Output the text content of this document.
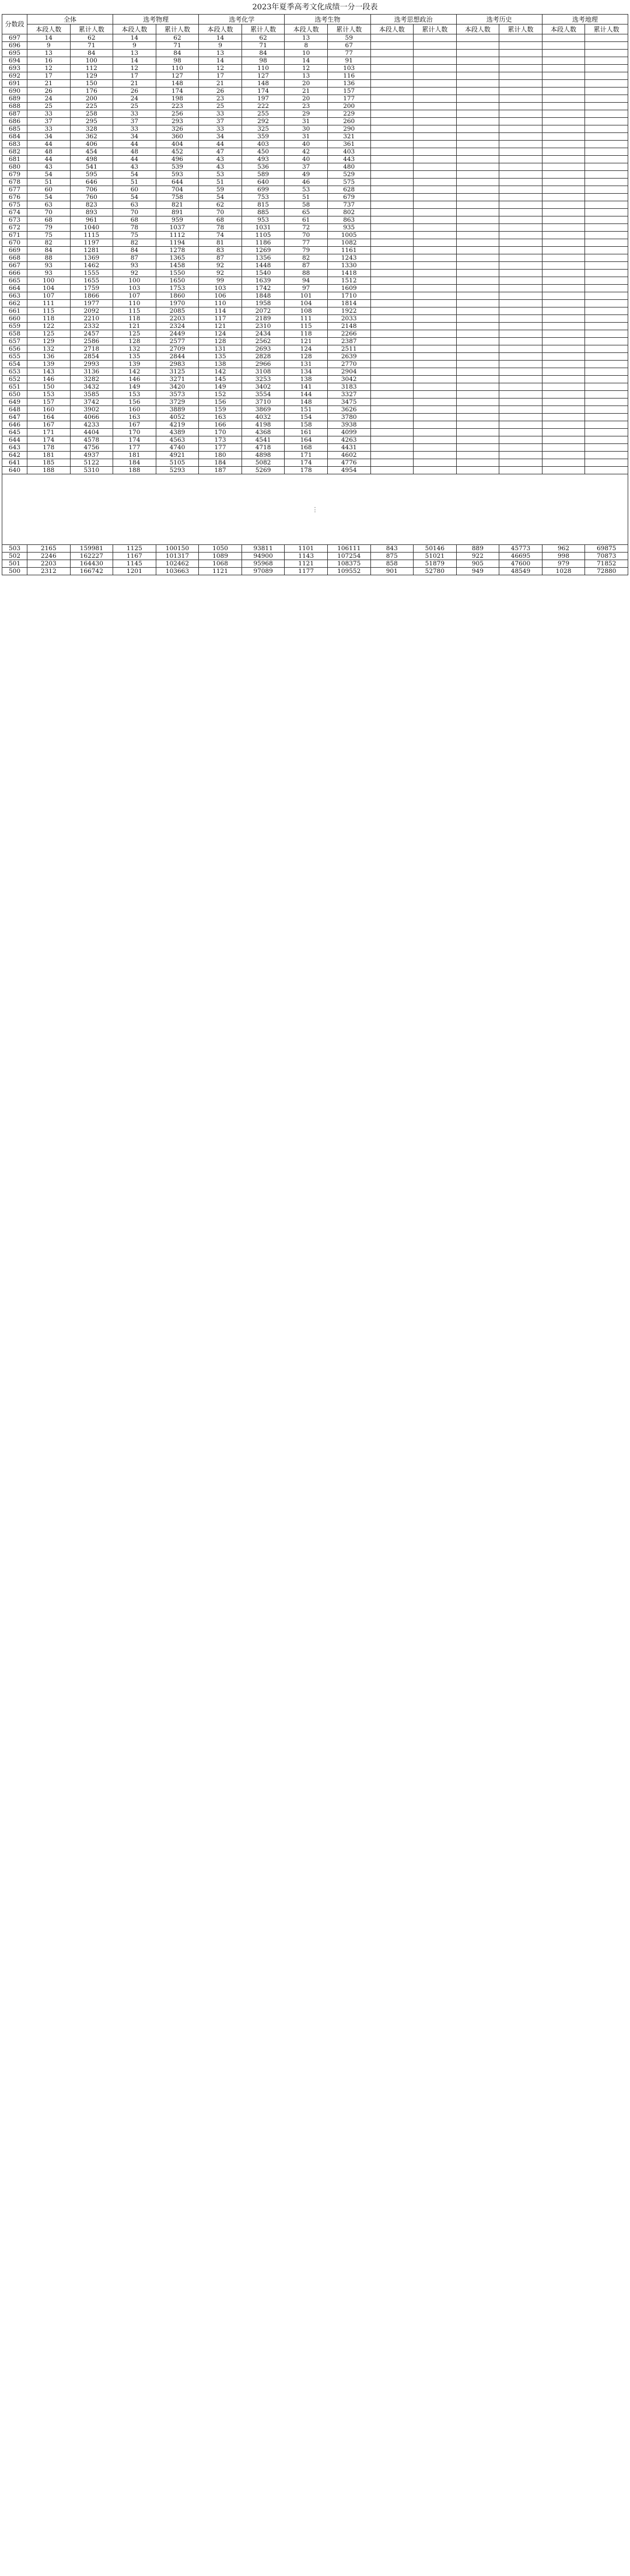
2023年夏季高考文化成绩一分一段表
分数段	全体		选考物理		选考化学		选考生物		选考思想政治		选考历史		选考地理	
	本段人数	累计人数	本段人数	累计人数	本段人数	累计人数	本段人数	累计人数	本段人数	累计人数	本段人数	累计人数	本段人数	累计人数
697	14	62	14	62	14	62	13	59						
696	9	71	9	71	9	71	8	67						
695	13	84	13	84	13	84	10	77						
694	16	100	14	98	14	98	14	91						
693	12	112	12	110	12	110	12	103						
692	17	129	17	127	17	127	13	116						
691	21	150	21	148	21	148	20	136						
690	26	176	26	174	26	174	21	157						
689	24	200	24	198	23	197	20	177						
688	25	225	25	223	25	222	23	200						
687	33	258	33	256	33	255	29	229						
686	37	295	37	293	37	292	31	260						
685	33	328	33	326	33	325	30	290						
684	34	362	34	360	34	359	31	321						
683	44	406	44	404	44	403	40	361						
682	48	454	48	452	47	450	42	403						
681	44	498	44	496	43	493	40	443						
680	43	541	43	539	43	536	37	480						
679	54	595	54	593	53	589	49	529						
678	51	646	51	644	51	640	46	575						
677	60	706	60	704	59	699	53	628						
676	54	760	54	758	54	753	51	679						
675	63	823	63	821	62	815	58	737						
674	70	893	70	891	70	885	65	802						
673	68	961	68	959	68	953	61	863						
672	79	1040	78	1037	78	1031	72	935						
671	75	1115	75	1112	74	1105	70	1005						
670	82	1197	82	1194	81	1186	77	1082						
669	84	1281	84	1278	83	1269	79	1161						
668	88	1369	87	1365	87	1356	82	1243						
667	93	1462	93	1458	92	1448	87	1330						
666	93	1555	92	1550	92	1540	88	1418						
665	100	1655	100	1650	99	1639	94	1512						
664	104	1759	103	1753	103	1742	97	1609						
663	107	1866	107	1860	106	1848	101	1710						
662	111	1977	110	1970	110	1958	104	1814						
661	115	2092	115	2085	114	2072	108	1922						
660	118	2210	118	2203	117	2189	111	2033						
659	122	2332	121	2324	121	2310	115	2148						
658	125	2457	125	2449	124	2434	118	2266						
657	129	2586	128	2577	128	2562	121	2387						
656	132	2718	132	2709	131	2693	124	2511						
655	136	2854	135	2844	135	2828	128	2639						
654	139	2993	139	2983	138	2966	131	2770						
653	143	3136	142	3125	142	3108	134	2904						
652	146	3282	146	3271	145	3253	138	3042						
651	150	3432	149	3420	149	3402	141	3183						
650	153	3585	153	3573	152	3554	144	3327						
649	157	3742	156	3729	156	3710	148	3475						
648	160	3902	160	3889	159	3869	151	3626						
647	164	4066	163	4052	163	4032	154	3780						
646	167	4233	167	4219	166	4198	158	3938						
645	171	4404	170	4389	170	4368	161	4099						
644	174	4578	174	4563	173	4541	164	4263						
643	178	4756	177	4740	177	4718	168	4431						
642	181	4937	181	4921	180	4898	171	4602						
641	185	5122	184	5105	184	5082	174	4776						
640	188	5310	188	5293	187	5269	178	4954						
⋮														
503	2165	159981	1125	100150	1050	93811	1101	106111	843	50146	889	45773	962	69875
502	2246	162227	1167	101317	1089	94900	1143	107254	875	51021	922	46695	998	70873
501	2203	164430	1145	102462	1068	95968	1121	108375	858	51879	905	47600	979	71852
500	2312	166742	1201	103663	1121	97089	1177	109552	901	52780	949	48549	1028	72880
